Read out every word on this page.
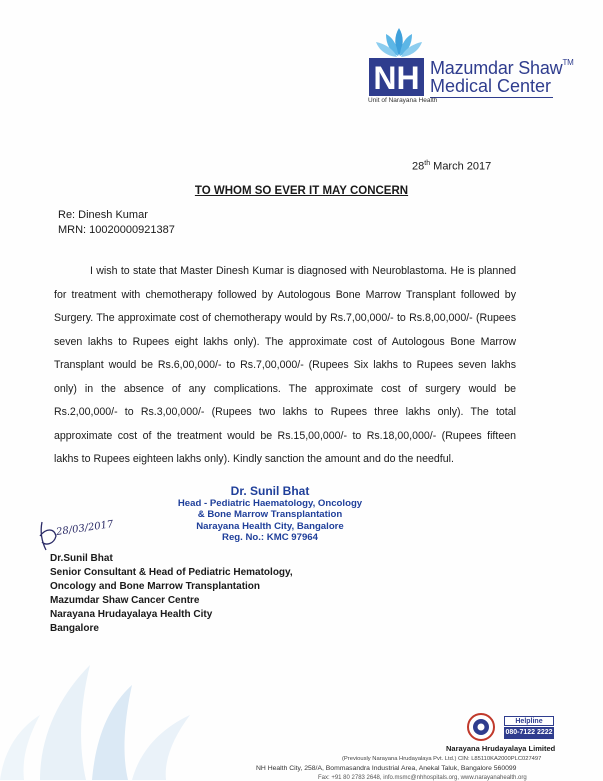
NH Mazumdar Shaw™
Medical Center
Unit of Narayana Health
28th March 2017
TO WHOM SO EVER IT MAY CONCERN
Re: Dinesh Kumar
MRN: 10020000921387

I wish to state that Master Dinesh Kumar is diagnosed with Neuroblastoma. He is planned for treatment with chemotherapy followed by Autologous Bone Marrow Transplant followed by Surgery. The approximate cost of chemotherapy would by Rs.7,00,000/- to Rs.8,00,000/- (Rupees seven lakhs to Rupees eight lakhs only). The approximate cost of Autologous Bone Marrow Transplant would be Rs.6,00,000/- to Rs.7,00,000/- (Rupees Six lakhs to Rupees seven lakhs only) in the absence of any complications. The approximate cost of surgery would be Rs.2,00,000/- to Rs.3,00,000/- (Rupees two lakhs to Rupees three lakhs only). The total approximate cost of the treatment would be Rs.15,00,000/- to Rs.18,00,000/- (Rupees fifteen lakhs to Rupees eighteen lakhs only). Kindly sanction the amount and do the needful.

Dr. Sunil Bhat
Head - Pediatric Haematology, Oncology
& Bone Marrow Transplantation
Narayana Health City, Bangalore
Reg. No.: KMC 97964
28/03/2017
Dr.Sunil Bhat
Senior Consultant & Head of Pediatric Hematology,
Oncology and Bone Marrow Transplantation
Mazumdar Shaw Cancer Centre
Narayana Hrudayalaya Health City
Bangalore
Helpline
080-7122 2222
Narayana Hrudayalaya Limited
(Previously Narayana Hrudayalaya Pvt. Ltd.) CIN: L85110KA2000PLC027497
NH Health City, 258/A, Bommasandra Industrial Area, Anekal Taluk, Bangalore 560099
Fax: +91 80 2783 2648, info.msmc@nhhospitals.org, www.narayanahealth.org
